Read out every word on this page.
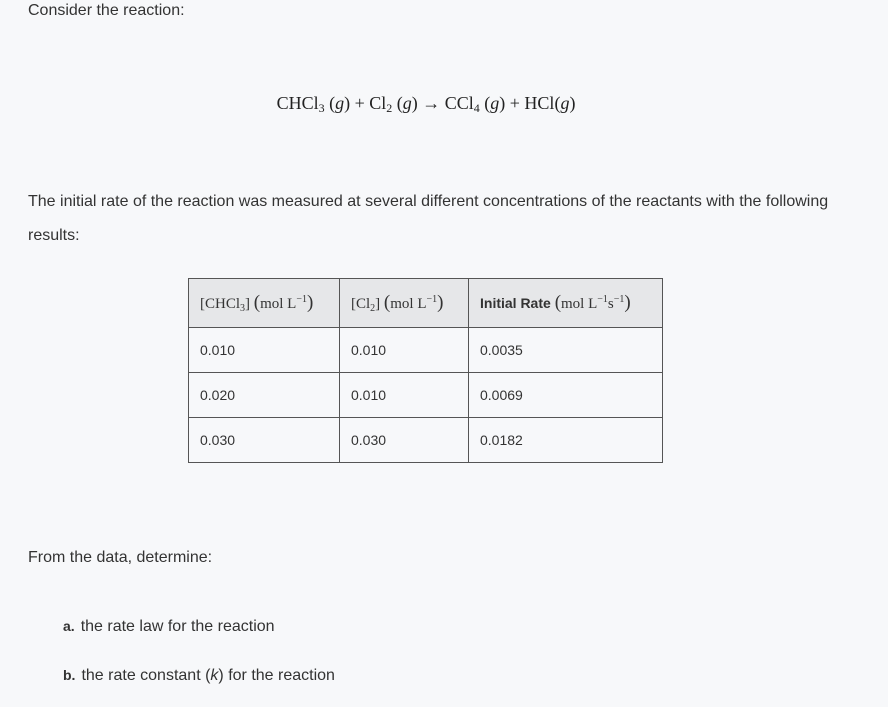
Consider the reaction:
CHCl$_3$ $(g) + Cl_2$ (g) → CCl$_4$ (g) + HCl(g)
The initial rate of the reaction was measured at several different concentrations of the reactants with the following results:
[CHCl$_3$] (mol $L^{-1}$)	$[Cl_2]$ (mol $L^{-1}$)	Initial Rate (mol $L^{-1}s^{-1}$)
0.010	0.010	0.0035
0.020	0.010	0.0069
0.030	0.030	0.0182
From the data, determine:
a. the rate law for the reaction
b. the rate constant (k) for the reaction
